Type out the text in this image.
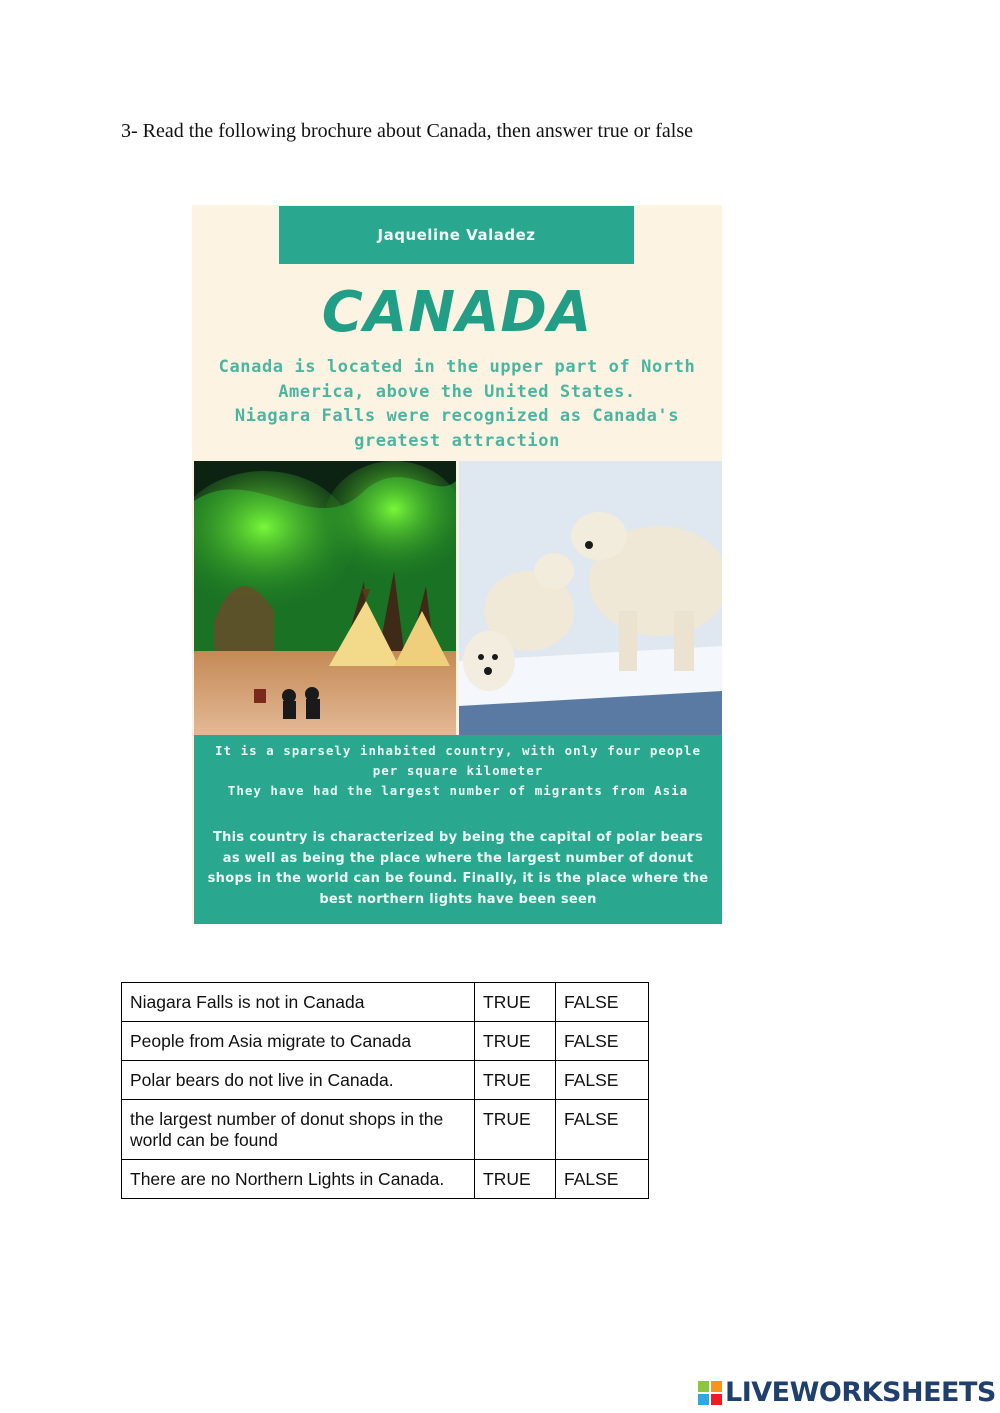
3- Read the following brochure about Canada, then answer true or false
Jaqueline Valadez
CANADA
Canada is located in the upper part of North
America, above the United States.
Niagara Falls were recognized as Canada's
greatest attraction
It is a sparsely inhabited country, with only four people
per square kilometer
They have had the largest number of migrants from Asia
This country is characterized by being the capital of polar bears as well as being the place where the largest number of donut shops in the world can be found. Finally, it is the place where the best northern lights have been seen
Niagara Falls is not in Canada	TRUE	FALSE
People from Asia migrate to Canada	TRUE	FALSE
Polar bears do not live in Canada.	TRUE	FALSE
the largest number of donut shops in the world can be found	TRUE	FALSE
There are no Northern Lights in Canada.	TRUE	FALSE
LIVEWORKSHEETS
